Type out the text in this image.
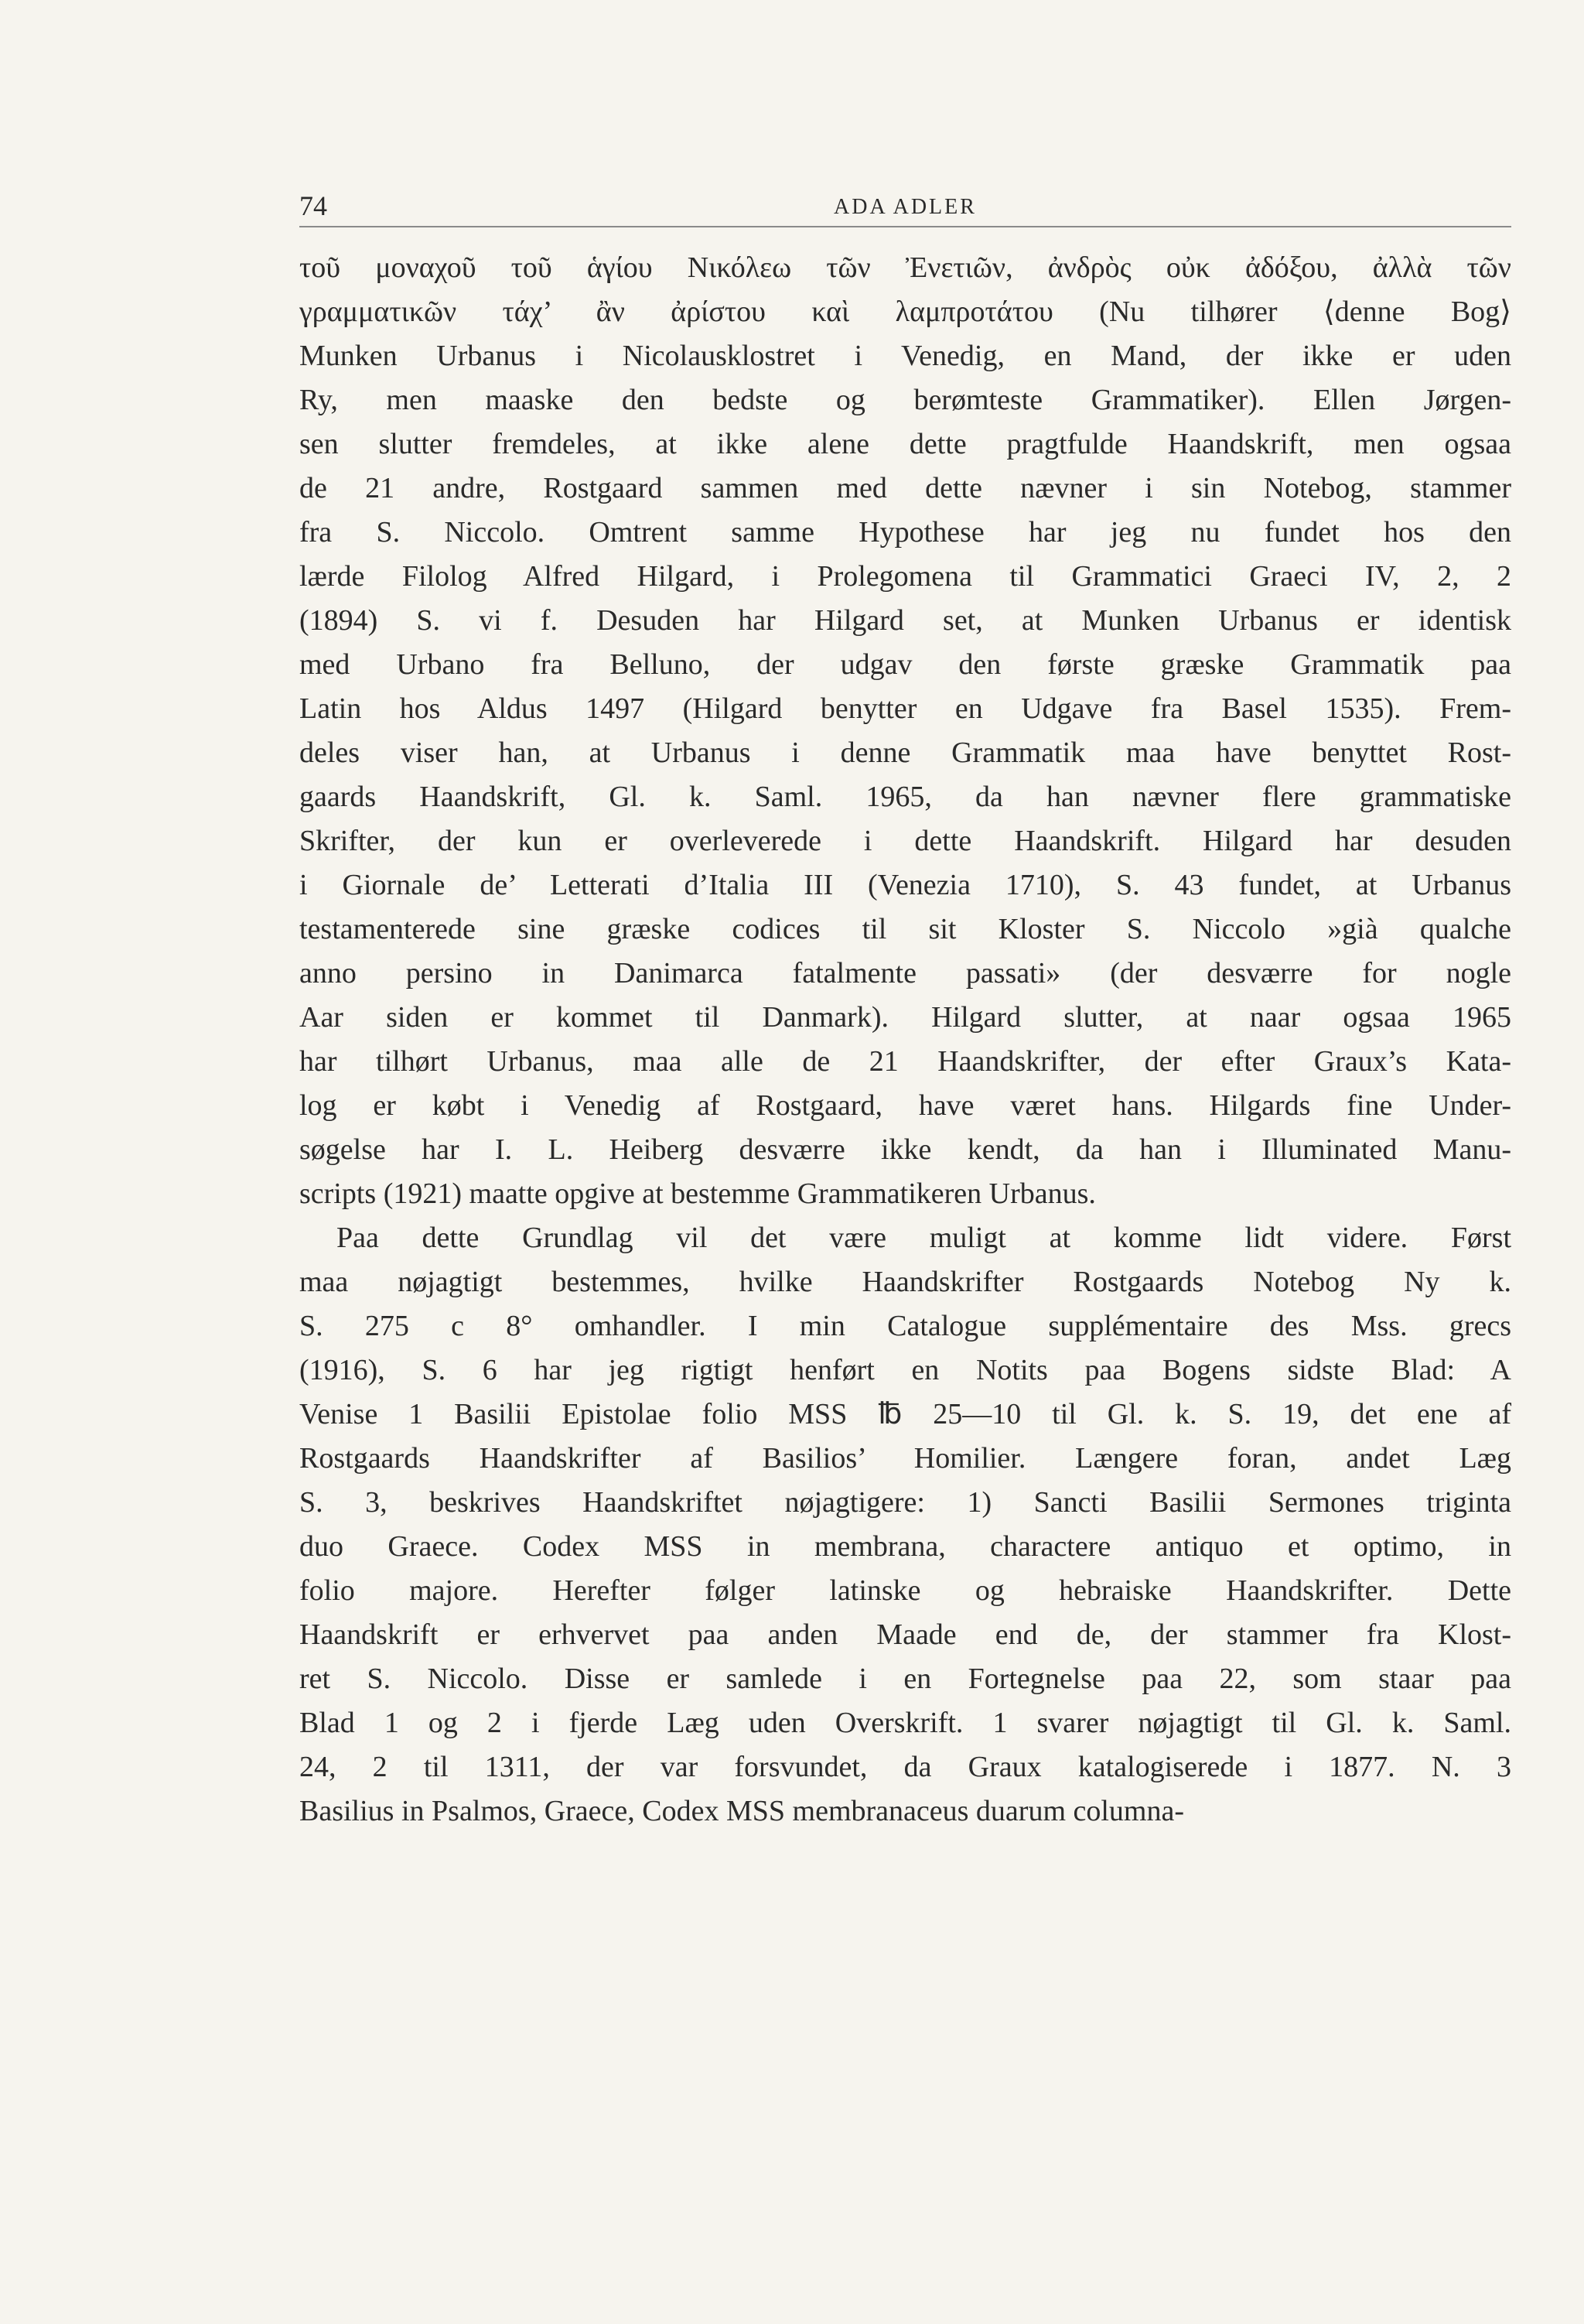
74	ADA ADLER
τοῦ μοναχοῦ τοῦ ἁγίου Νικόλεω τῶν Ἐνετιῶν, ἀνδρὸς οὐκ ἀδόξου, ἀλλὰ τῶν
γραμματικῶν τάχ’ ἂν ἀρίστου καὶ λαμπροτάτου (Nu tilhører ⟨denne Bog⟩
Munken Urbanus i Nicolausklostret i Venedig, en Mand, der ikke er uden
Ry, men maaske den bedste og berømteste Grammatiker). Ellen Jørgen-
sen slutter fremdeles, at ikke alene dette pragtfulde Haandskrift, men ogsaa
de 21 andre, Rostgaard sammen med dette nævner i sin Notebog, stammer
fra S. Niccolo. Omtrent samme Hypothese har jeg nu fundet hos den
lærde Filolog Alfred Hilgard, i Prolegomena til Grammatici Graeci IV, 2, 2
(1894) S. vi f. Desuden har Hilgard set, at Munken Urbanus er identisk
med Urbano fra Belluno, der udgav den første græske Grammatik paa
Latin hos Aldus 1497 (Hilgard benytter en Udgave fra Basel 1535). Frem-
deles viser han, at Urbanus i denne Grammatik maa have benyttet Rost-
gaards Haandskrift, Gl. k. Saml. 1965, da han nævner flere grammatiske
Skrifter, der kun er overleverede i dette Haandskrift. Hilgard har desuden
i Giornale de’ Letterati d’Italia III (Venezia 1710), S. 43 fundet, at Urbanus
testamenterede sine græske codices til sit Kloster S. Niccolo »già qualche
anno persino in Danimarca fatalmente passati» (der desværre for nogle
Aar siden er kommet til Danmark). Hilgard slutter, at naar ogsaa 1965
har tilhørt Urbanus, maa alle de 21 Haandskrifter, der efter Graux’s Kata-
log er købt i Venedig af Rostgaard, have været hans. Hilgards fine Under-
søgelse har I. L. Heiberg desværre ikke kendt, da han i Illuminated Manu-
scripts (1921) maatte opgive at bestemme Grammatikeren Urbanus.
Paa dette Grundlag vil det være muligt at komme lidt videre. Først
maa nøjagtigt bestemmes, hvilke Haandskrifter Rostgaards Notebog Ny k.
S. 275 c 8° omhandler. I min Catalogue supplémentaire des Mss. grecs
(1916), S. 6 har jeg rigtigt henført en Notits paa Bogens sidste Blad: A
Venise 1 Basilii Epistolae folio MSS ℔ 25—10 til Gl. k. S. 19, det ene af
Rostgaards Haandskrifter af Basilios’ Homilier. Længere foran, andet Læg
S. 3, beskrives Haandskriftet nøjagtigere: 1) Sancti Basilii Sermones triginta
duo Graece. Codex MSS in membrana, charactere antiquo et optimo, in
folio majore. Herefter følger latinske og hebraiske Haandskrifter. Dette
Haandskrift er erhvervet paa anden Maade end de, der stammer fra Klost-
ret S. Niccolo. Disse er samlede i en Fortegnelse paa 22, som staar paa
Blad 1 og 2 i fjerde Læg uden Overskrift. 1 svarer nøjagtigt til Gl. k. Saml.
24, 2 til 1311, der var forsvundet, da Graux katalogiserede i 1877. N. 3
Basilius in Psalmos, Graece, Codex MSS membranaceus duarum columna-
